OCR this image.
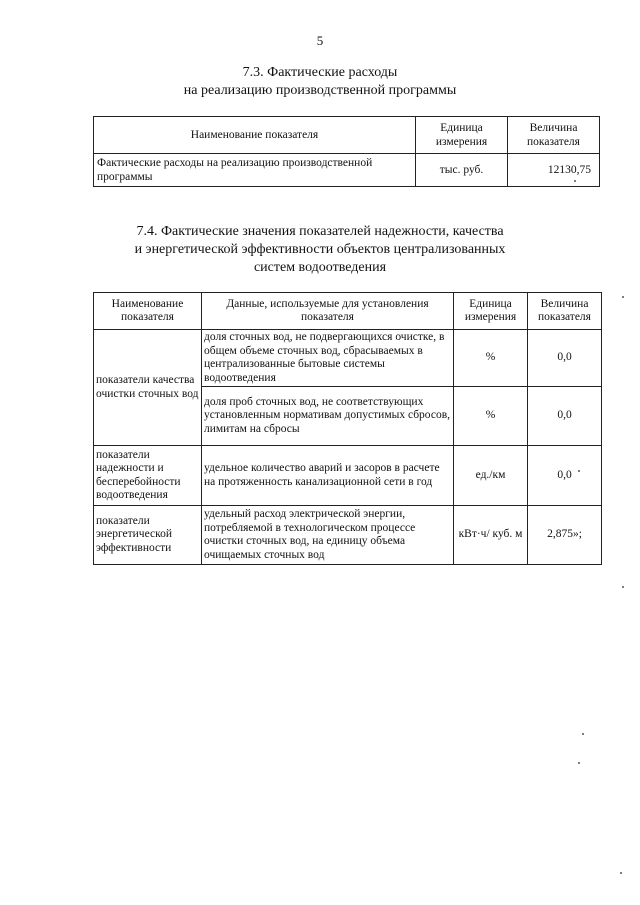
5
7.3. Фактические расходы
на реализацию производственной программы
Наименование показателя	Единица измерения	Величина показателя
Фактические расходы на реализацию производственной программы	тыс. руб.	12130,75
7.4. Фактические значения показателей надежности, качества
и энергетической эффективности объектов централизованных
систем водоотведения
Наименование показателя	Данные, используемые для установления показателя	Единица измерения	Величина показателя
показатели качества очистки сточных вод	доля сточных вод, не подвергающихся очистке, в общем объеме сточных вод, сбрасываемых в централизованные бытовые системы водоотведения	%	0,0
	доля проб сточных вод, не соответствующих установленным нормативам допустимых сбросов, лимитам на сбросы	%	0,0
показатели надежности и бесперебойности водоотведения	удельное количество аварий и засоров в расчете на протяженность канализационной сети в год	ед./км	0,0
показатели энергетической эффективности	удельный расход электрической энергии, потребляемой в технологическом процессе очистки сточных вод, на единицу объема очищаемых сточных вод	кВт·ч/ куб. м	2,875»;
